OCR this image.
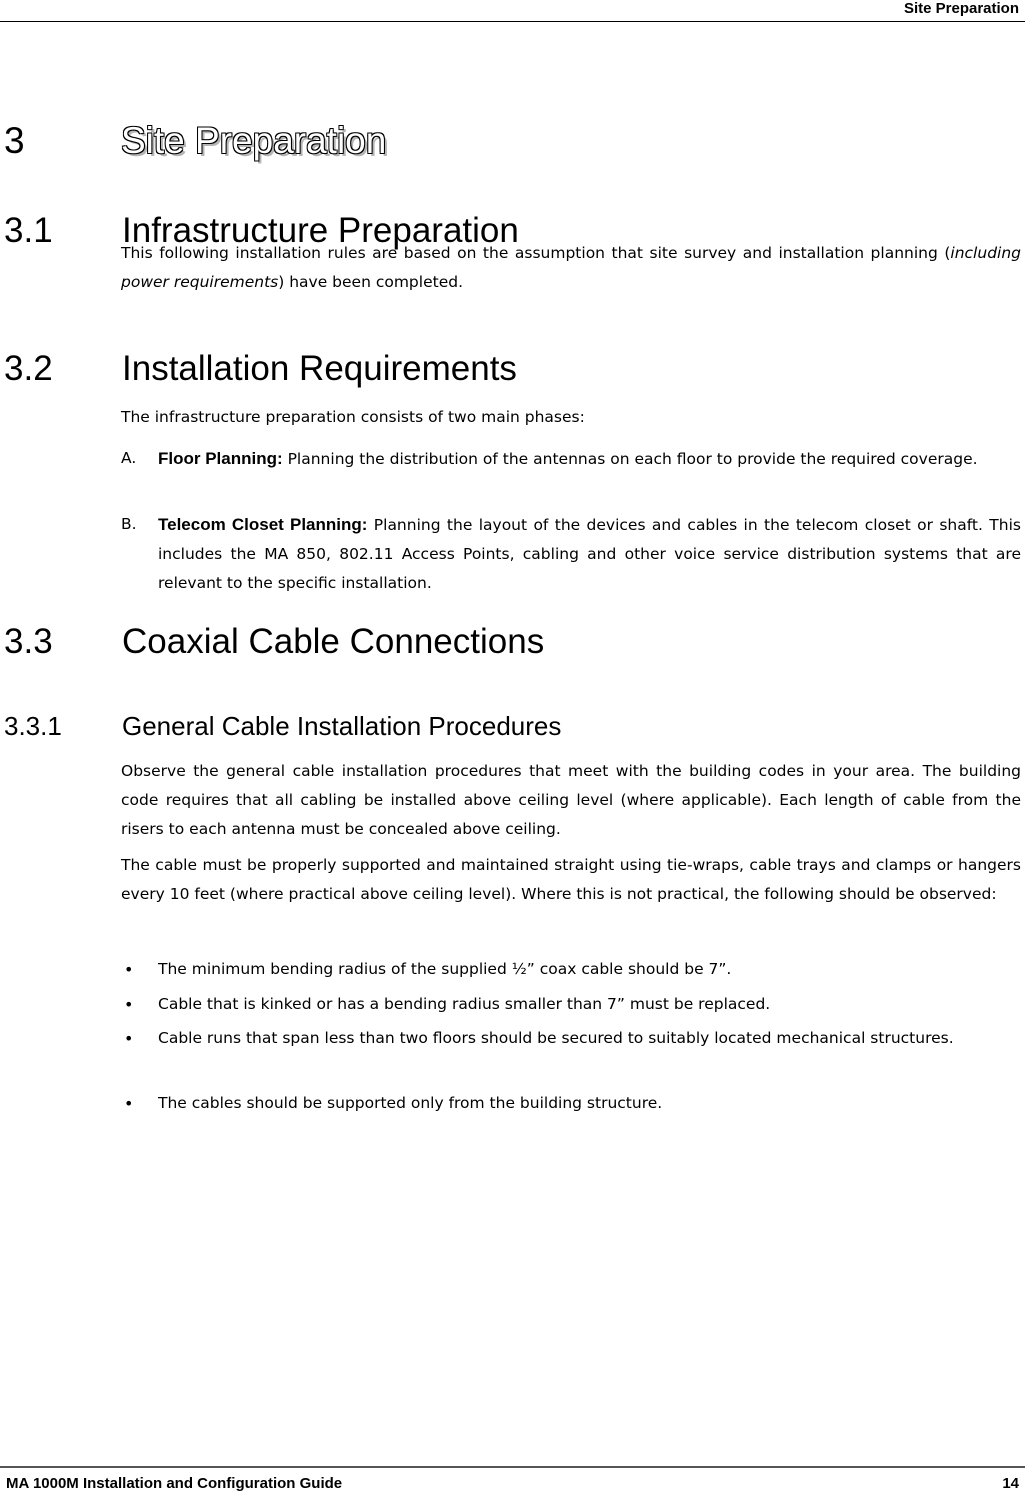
Site Preparation
3	Site Preparation
3.1 Infrastructure Preparation
This following installation rules are based on the assumption that site survey and installation planning (including power requirements) have been completed.
3.2 Installation Requirements
The infrastructure preparation consists of two main phases:
A. Floor Planning: Planning the distribution of the antennas on each floor to provide the required coverage.
B. Telecom Closet Planning: Planning the layout of the devices and cables in the telecom closet or shaft. This includes the MA 850, 802.11 Access Points, cabling and other voice service distribution systems that are relevant to the specific installation.
3.3 Coaxial Cable Connections
3.3.1 General Cable Installation Procedures
Observe the general cable installation procedures that meet with the building codes in your area. The building code requires that all cabling be installed above ceiling level (where applicable). Each length of cable from the risers to each antenna must be concealed above ceiling.
The cable must be properly supported and maintained straight using tie-wraps, cable trays and clamps or hangers every 10 feet (where practical above ceiling level). Where this is not practical, the following should be observed:
• The minimum bending radius of the supplied ½” coax cable should be 7”.
• Cable that is kinked or has a bending radius smaller than 7” must be replaced.
• Cable runs that span less than two floors should be secured to suitably located mechanical structures.
• The cables should be supported only from the building structure.
MA 1000M Installation and Configuration Guide	14
